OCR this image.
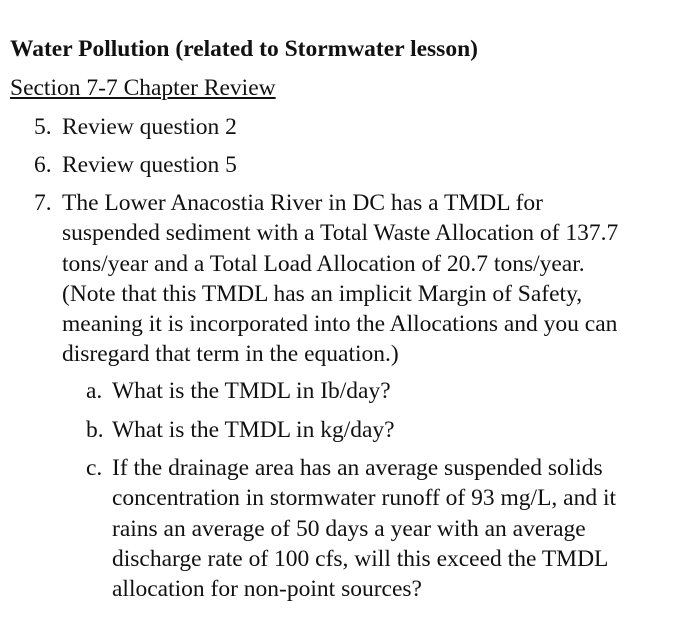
Water Pollution (related to Stormwater lesson)
Section 7-7 Chapter Review
5. Review question 2
6. Review question 5
7. The Lower Anacostia River in DC has a TMDL for
suspended sediment with a Total Waste Allocation of 137.7
tons/year and a Total Load Allocation of 20.7 tons/year.
(Note that this TMDL has an implicit Margin of Safety,
meaning it is incorporated into the Allocations and you can
disregard that term in the equation.)
a. What is the TMDL in Ib/day?
b. What is the TMDL in kg/day?
c. If the drainage area has an average suspended solids
concentration in stormwater runoff of 93 mg/L, and it
rains an average of 50 days a year with an average
discharge rate of 100 cfs, will this exceed the TMDL
allocation for non-point sources?
